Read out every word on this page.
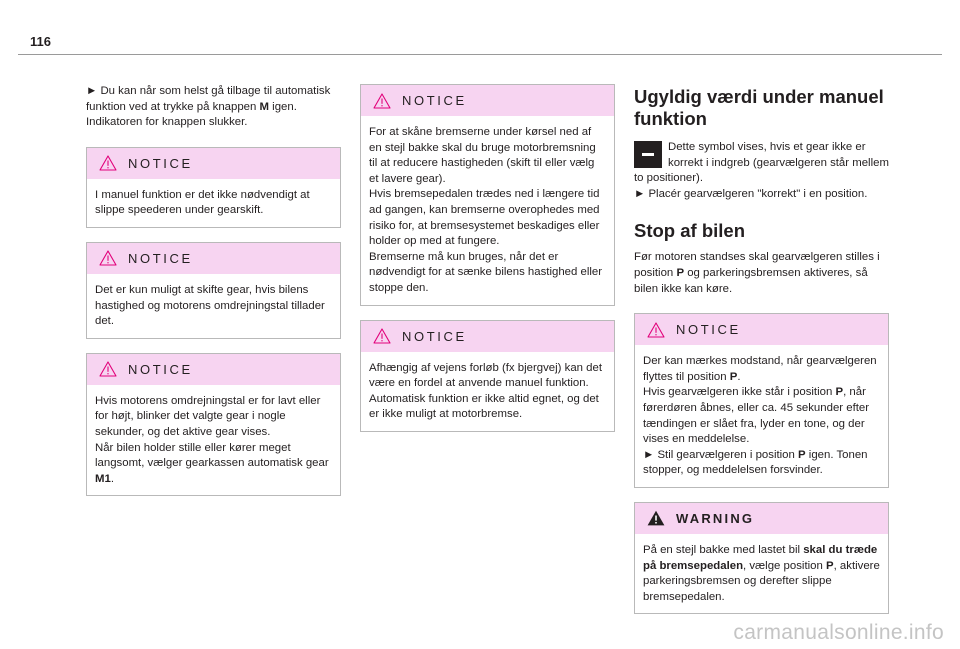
116

► Du kan når som helst gå tilbage til automatisk funktion ved at trykke på knappen M igen. Indikatoren for knappen slukker.

NOTICE

I manuel funktion er det ikke nødvendigt at slippe speederen under gearskift.

NOTICE

Det er kun muligt at skifte gear, hvis bilens hastighed og motorens omdrejningstal tillader det.

NOTICE

Hvis motorens omdrejningstal er for lavt eller for højt, blinker det valgte gear i nogle sekunder, og det aktive gear vises.

Når bilen holder stille eller kører meget langsomt, vælger gearkassen automatisk gear M1.

NOTICE

For at skåne bremserne under kørsel ned af en stejl bakke skal du bruge motorbremsning til at reducere hastigheden (skift til eller vælg et lavere gear).

Hvis bremsepedalen trædes ned i længere tid ad gangen, kan bremserne overophedes med risiko for, at bremsesystemet beskadiges eller holder op med at fungere.

Bremserne må kun bruges, når det er nødvendigt for at sænke bilens hastighed eller stoppe den.

NOTICE

Afhængig af vejens forløb (fx bjergvej) kan det være en fordel at anvende manuel funktion.

Automatisk funktion er ikke altid egnet, og det er ikke muligt at motorbremse.

Ugyldig værdi under manuel funktion

Dette symbol vises, hvis et gear ikke er korrekt i indgreb (gearvælgeren står mellem to positioner).

► Placér gearvælgeren "korrekt" i en position.

Stop af bilen

Før motoren standses skal gearvælgeren stilles i position P og parkeringsbremsen aktiveres, så bilen ikke kan køre.

NOTICE

Der kan mærkes modstand, når gearvælgeren flyttes til position P.

Hvis gearvælgeren ikke står i position P, når førerdøren åbnes, eller ca. 45 sekunder efter tændingen er slået fra, lyder en tone, og der vises en meddelelse.

► Stil gearvælgeren i position P igen. Tonen stopper, og meddelelsen forsvinder.

WARNING

På en stejl bakke med lastet bil skal du træde på bremsepedalen, vælge position P, aktivere parkeringsbremsen og derefter slippe bremsepedalen.

carmanualsonline.info
